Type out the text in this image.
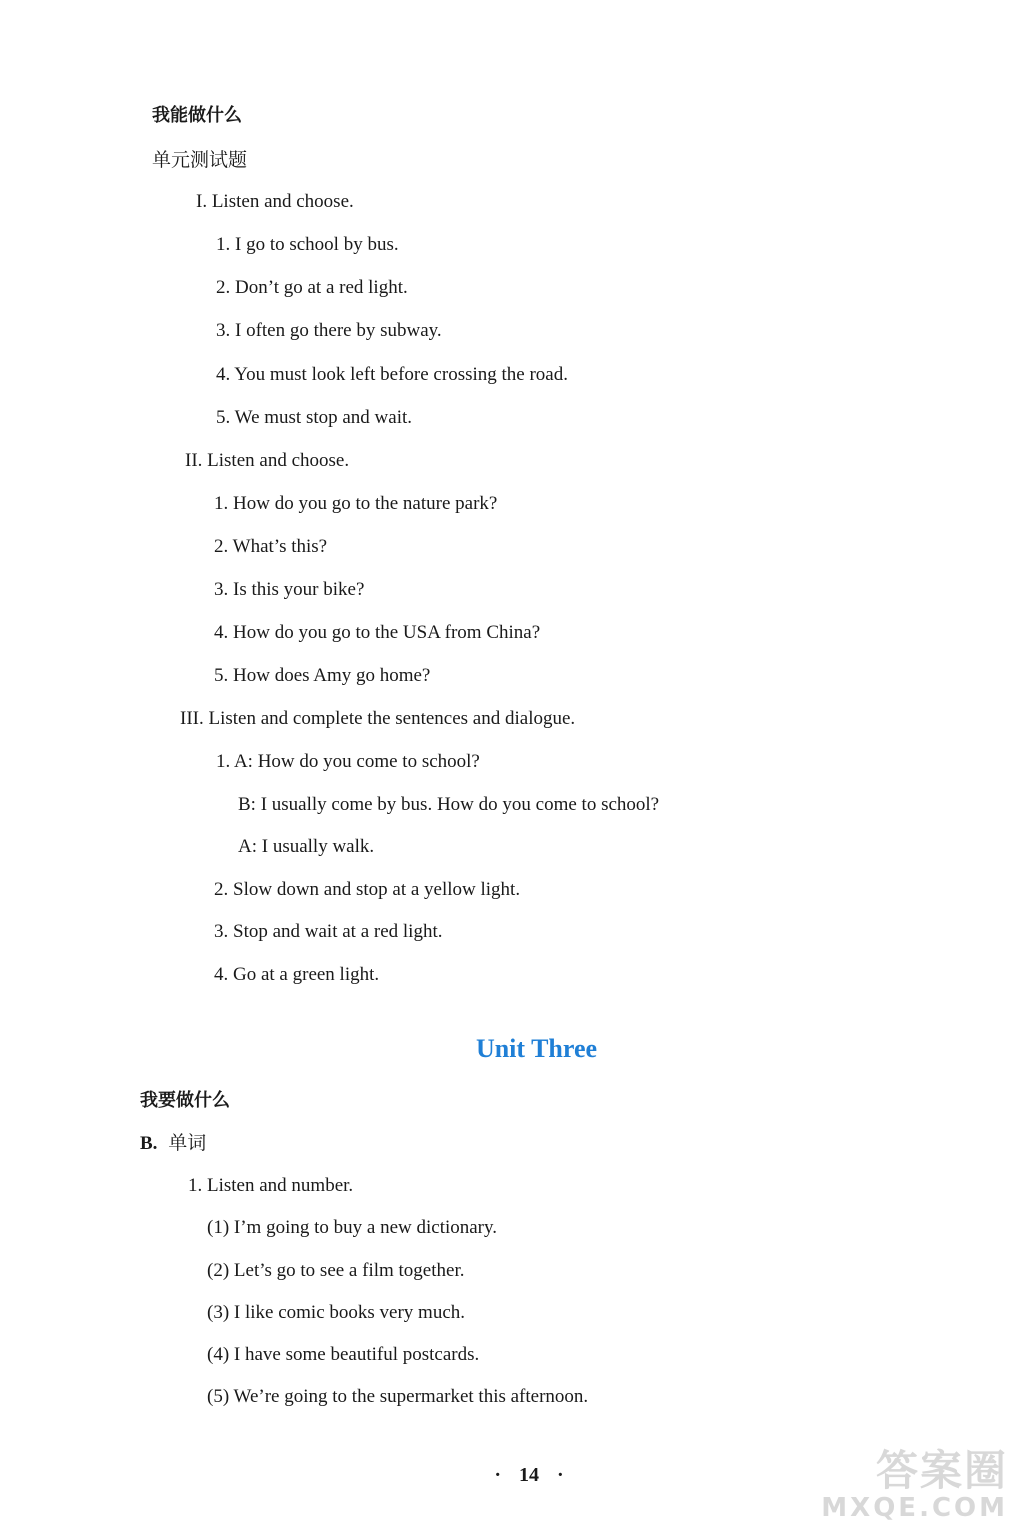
我能做什么
单元测试题
I. Listen and choose.
1. I go to school by bus.
2. Don’t go at a red light.
3. I often go there by subway.
4. You must look left before crossing the road.
5. We must stop and wait.
II. Listen and choose.
1. How do you go to the nature park?
2. What’s this?
3. Is this your bike?
4. How do you go to the USA from China?
5. How does Amy go home?
III. Listen and complete the sentences and dialogue.
1. A: How do you come to school?
B: I usually come by bus. How do you come to school?
A: I usually walk.
2. Slow down and stop at a yellow light.
3. Stop and wait at a red light.
4. Go at a green light.
Unit Three
我要做什么
B. 单词
1. Listen and number.
(1) I’m going to buy a new dictionary.
(2) Let’s go to see a film together.
(3) I like comic books very much.
(4) I have some beautiful postcards.
(5) We’re going to the supermarket this afternoon.
· 14 ·	答案圈
MXQE.COM
